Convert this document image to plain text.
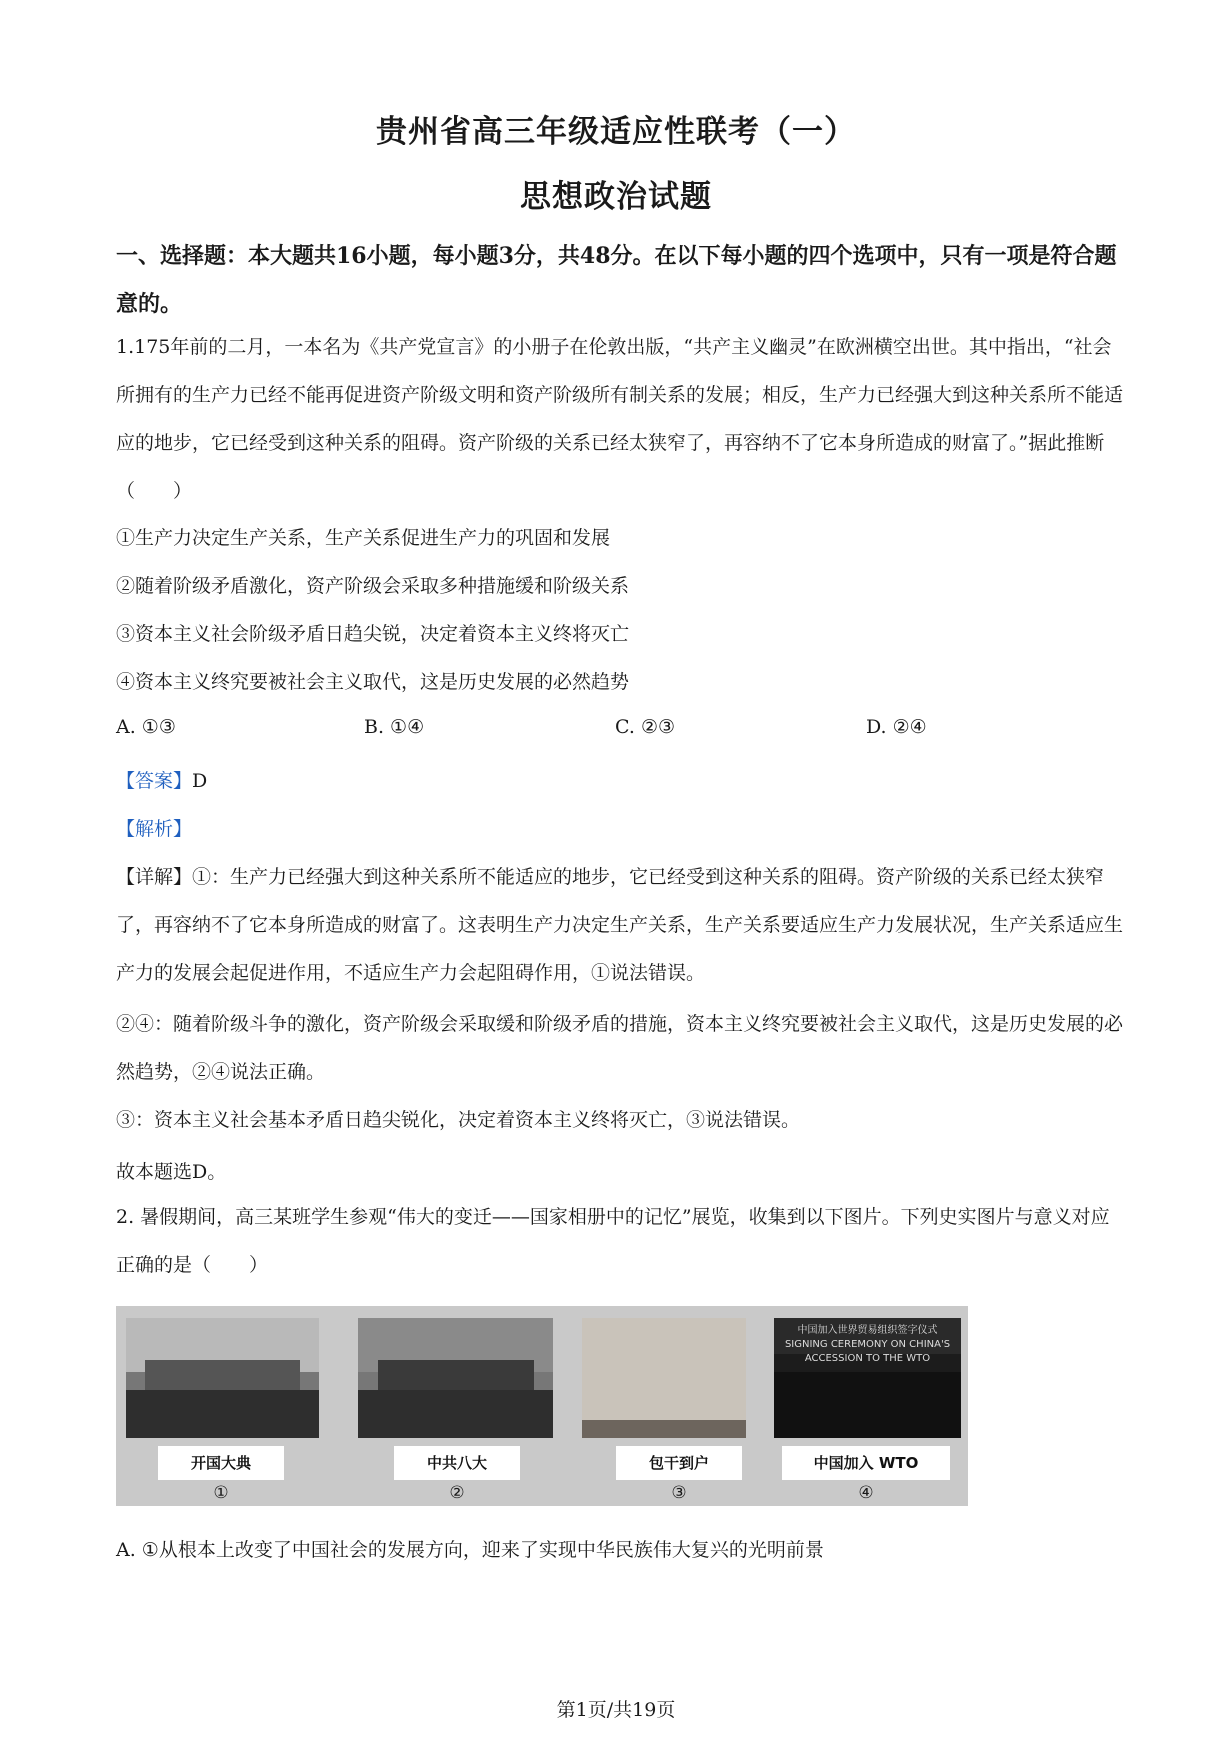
贵州省高三年级适应性联考（一）
思想政治试题
一、选择题：本大题共16小题，每小题3分，共48分。在以下每小题的四个选项中，只有一项是符合题意的。
1.175年前的二月，一本名为《共产党宣言》的小册子在伦敦出版，“共产主义幽灵”在欧洲横空出世。其中指出，“社会所拥有的生产力已经不能再促进资产阶级文明和资产阶级所有制关系的发展；相反，生产力已经强大到这种关系所不能适应的地步，它已经受到这种关系的阻碍。资产阶级的关系已经太狭窄了，再容纳不了它本身所造成的财富了。”据此推断（　　）
①生产力决定生产关系，生产关系促进生产力的巩固和发展
②随着阶级矛盾激化，资产阶级会采取多种措施缓和阶级关系
③资本主义社会阶级矛盾日趋尖锐，决定着资本主义终将灭亡
④资本主义终究要被社会主义取代，这是历史发展的必然趋势
A. ①③	B. ①④	C. ②③	D. ②④
【答案】D
【解析】
【详解】①：生产力已经强大到这种关系所不能适应的地步，它已经受到这种关系的阻碍。资产阶级的关系已经太狭窄了，再容纳不了它本身所造成的财富了。这表明生产力决定生产关系，生产关系要适应生产力发展状况，生产关系适应生产力的发展会起促进作用，不适应生产力会起阻碍作用，①说法错误。
②④：随着阶级斗争的激化，资产阶级会采取缓和阶级矛盾的措施，资本主义终究要被社会主义取代，这是历史发展的必然趋势，②④说法正确。
③：资本主义社会基本矛盾日趋尖锐化，决定着资本主义终将灭亡，③说法错误。
故本题选D。
2. 暑假期间，高三某班学生参观“伟大的变迁——国家相册中的记忆”展览，收集到以下图片。下列史实图片与意义对应正确的是（　　）
中国加入世界贸易组织签字仪式
SIGNING CEREMONY ON CHINA'S ACCESSION TO THE WTO
开国大典	中共八大	包干到户	中国加入 WTO
①	②	③	④
A. ①从根本上改变了中国社会的发展方向，迎来了实现中华民族伟大复兴的光明前景
第1页/共19页
